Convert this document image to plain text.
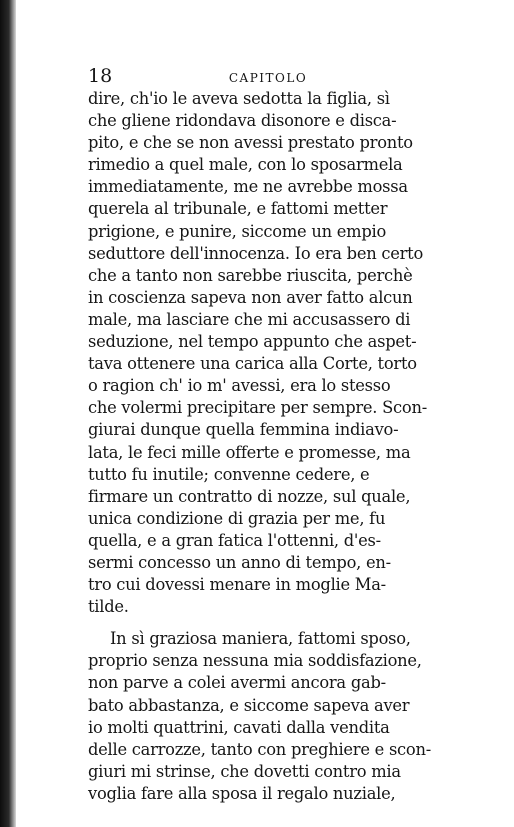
18	CAPITOLO
dire, ch'io le aveva sedotta la figlia, sì
che gliene ridondava disonore e disca-
pito, e che se non avessi prestato pronto
rimedio a quel male, con lo sposarmela
immediatamente, me ne avrebbe mossa
querela al tribunale, e fattomi metter
prigione, e punire, siccome un empio
seduttore dell'innocenza. Io era ben certo
che a tanto non sarebbe riuscita, perchè
in coscienza sapeva non aver fatto alcun
male, ma lasciare che mi accusassero di
seduzione, nel tempo appunto che aspet-
tava ottenere una carica alla Corte, torto
o ragion ch' io m' avessi, era lo stesso
che volermi precipitare per sempre. Scon-
giurai dunque quella femmina indiavo-
lata, le feci mille offerte e promesse, ma
tutto fu inutile; convenne cedere, e
firmare un contratto di nozze, sul quale,
unica condizione di grazia per me, fu
quella, e a gran fatica l'ottenni, d'es-
sermi concesso un anno di tempo, en-
tro cui dovessi menare in moglie Ma-
tilde.
In sì graziosa maniera, fattomi sposo,
proprio senza nessuna mia soddisfazione,
non parve a colei avermi ancora gab-
bato abbastanza, e siccome sapeva aver
io molti quattrini, cavati dalla vendita
delle carrozze, tanto con preghiere e scon-
giuri mi strinse, che dovetti contro mia
voglia fare alla sposa il regalo nuziale,
